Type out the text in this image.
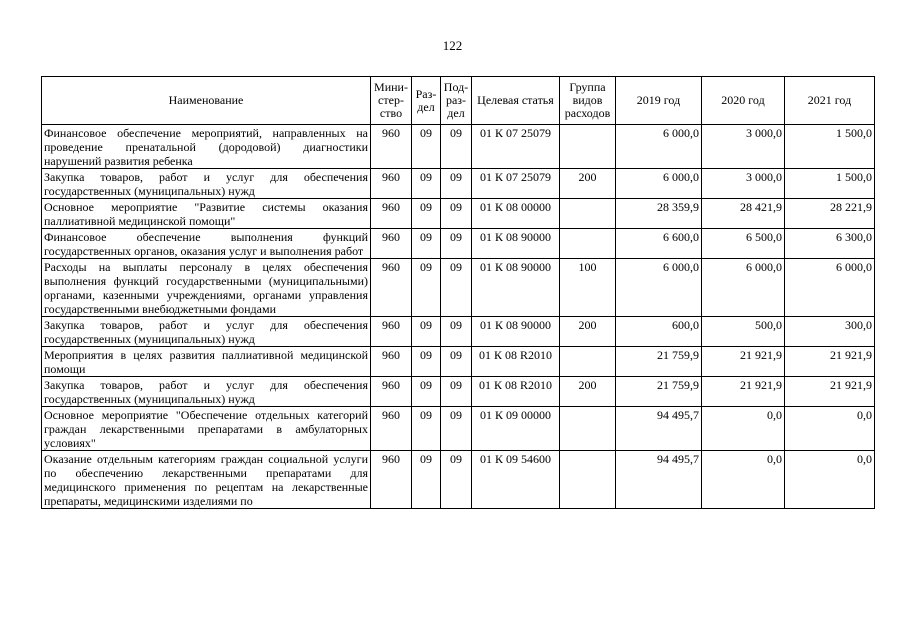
122
Наименование	Мини-стер-ство	Раз-дел	Под-раз-дел	Целевая статья	Группа видов расходов	2019 год	2020 год	2021 год
Финансовое обеспечение мероприятий, направленных на проведение пренатальной (дородовой) диагностики нарушений развития ребенка	960	09	09	01 К 07 25079		6 000,0	3 000,0	1 500,0
Закупка товаров, работ и услуг для обеспечения государственных (муниципальных) нужд	960	09	09	01 К 07 25079	200	6 000,0	3 000,0	1 500,0
Основное мероприятие "Развитие системы оказания паллиативной медицинской помощи"	960	09	09	01 К 08 00000		28 359,9	28 421,9	28 221,9
Финансовое обеспечение выполнения функций государственных органов, оказания услуг и выполнения работ	960	09	09	01 К 08 90000		6 600,0	6 500,0	6 300,0
Расходы на выплаты персоналу в целях обеспечения выполнения функций государственными (муниципальными) органами, казенными учреждениями, органами управления государственными внебюджетными фондами	960	09	09	01 К 08 90000	100	6 000,0	6 000,0	6 000,0
Закупка товаров, работ и услуг для обеспечения государственных (муниципальных) нужд	960	09	09	01 К 08 90000	200	600,0	500,0	300,0
Мероприятия в целях развития паллиативной медицинской помощи	960	09	09	01 К 08 R2010		21 759,9	21 921,9	21 921,9
Закупка товаров, работ и услуг для обеспечения государственных (муниципальных) нужд	960	09	09	01 К 08 R2010	200	21 759,9	21 921,9	21 921,9
Основное мероприятие "Обеспечение отдельных категорий граждан лекарственными препаратами в амбулаторных условиях"	960	09	09	01 К 09 00000		94 495,7	0,0	0,0
Оказание отдельным категориям граждан социальной услуги по обеспечению лекарственными препаратами для медицинского применения по рецептам на лекарственные препараты, медицинскими изделиями по	960	09	09	01 К 09 54600		94 495,7	0,0	0,0
